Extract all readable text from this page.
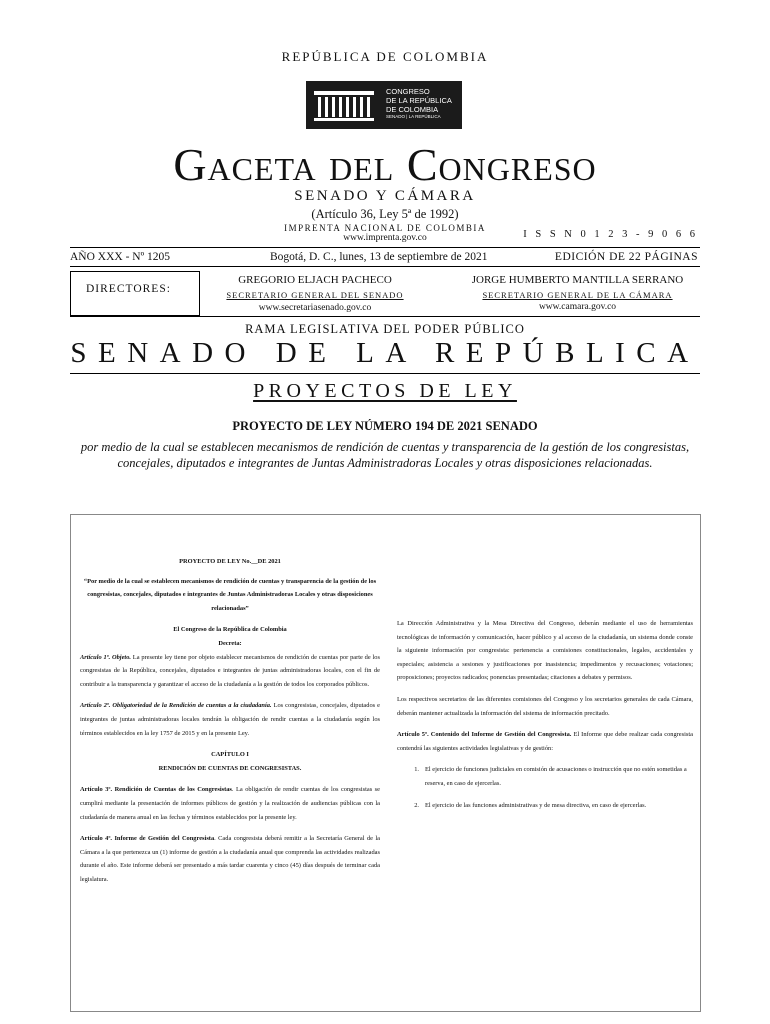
REPÚBLICA DE COLOMBIA
CONGRESO
DE LA REPÚBLICA
DE COLOMBIA
SENADO | LA REPÚBLICA
Gaceta del Congreso
SENADO Y CÁMARA
(Artículo 36, Ley 5ª de 1992)
IMPRENTA NACIONAL DE COLOMBIA
www.imprenta.gov.co	I S S N 0 1 2 3 - 9 0 6 6
AÑO XXX - Nº 1205	Bogotá, D. C., lunes, 13 de septiembre de 2021	EDICIÓN DE 22 PÁGINAS
DIRECTORES:
GREGORIO ELJACH PACHECO
SECRETARIO GENERAL DEL SENADO
www.secretariasenado.gov.co
JORGE HUMBERTO MANTILLA SERRANO
SECRETARIO GENERAL DE LA CÁMARA
www.camara.gov.co
RAMA LEGISLATIVA DEL PODER PÚBLICO
SENADO DE LA REPÚBLICA
PROYECTOS DE LEY
PROYECTO DE LEY NÚMERO 194 DE 2021 SENADO
por medio de la cual se establecen mecanismos de rendición de cuentas y transparencia de la gestión de los congresistas, concejales, diputados e integrantes de Juntas Administradoras Locales y otras disposiciones relacionadas.

PROYECTO DE LEY No.__DE 2021

“Por medio de la cual se establecen mecanismos de rendición de cuentas y transparencia de la gestión de los congresistas, concejales, diputados e integrantes de Juntas Administradoras Locales y otras disposiciones relacionadas”

El Congreso de la República de Colombia

Decreta:

Artículo 1º. Objeto. La presente ley tiene por objeto establecer mecanismos de rendición de cuentas por parte de los congresistas de la República, concejales, diputados e integrantes de juntas administradoras locales, con el fin de contribuir a la transparencia y garantizar el acceso de la ciudadanía a la gestión de todos los corporados públicos.

Artículo 2º. Obligatoriedad de la Rendición de cuentas a la ciudadanía. Los congresistas, concejales, diputados e integrantes de juntas administradoras locales tendrán la obligación de rendir cuentas a la ciudadanía según los términos establecidos en la ley 1757 de 2015 y en la presente Ley.

CAPÍTULO I

RENDICIÓN DE CUENTAS DE CONGRESISTAS.

Artículo 3º. Rendición de Cuentas de los Congresistas. La obligación de rendir cuentas de los congresistas se cumplirá mediante la presentación de informes públicos de gestión y la realización de audiencias públicas con la ciudadanía de manera anual en las fechas y términos establecidos por la presente ley.

Artículo 4º. Informe de Gestión del Congresista. Cada congresista deberá remitir a la Secretaría General de la Cámara a la que pertenezca un (1) informe de gestión a la ciudadanía anual que comprenda las actividades realizadas durante el año. Este informe deberá ser presentado a más tardar cuarenta y cinco (45) días después de terminar cada legislatura.

La Dirección Administrativa y la Mesa Directiva del Congreso, deberán mediante el uso de herramientas tecnológicas de información y comunicación, hacer público y al acceso de la ciudadanía, un sistema donde conste la siguiente información por congresista: pertenencia a comisiones constitucionales, legales, accidentales y especiales; asistencia a sesiones y justificaciones por inasistencia; impedimentos y recusaciones; votaciones; proposiciones; proyectos radicados; ponencias presentadas; citaciones a debates y permisos.

Los respectivos secretarios de las diferentes comisiones del Congreso y los secretarios generales de cada Cámara, deberán mantener actualizada la información del sistema de información precitado.

Artículo 5º. Contenido del Informe de Gestión del Congresista. El Informe que debe realizar cada congresista contendrá las siguientes actividades legislativas y de gestión:

1. El ejercicio de funciones judiciales en comisión de acusaciones o instrucción que no estén sometidas a reserva, en caso de ejercerlas.

2. El ejercicio de las funciones administrativas y de mesa directiva, en caso de ejercerlas.
